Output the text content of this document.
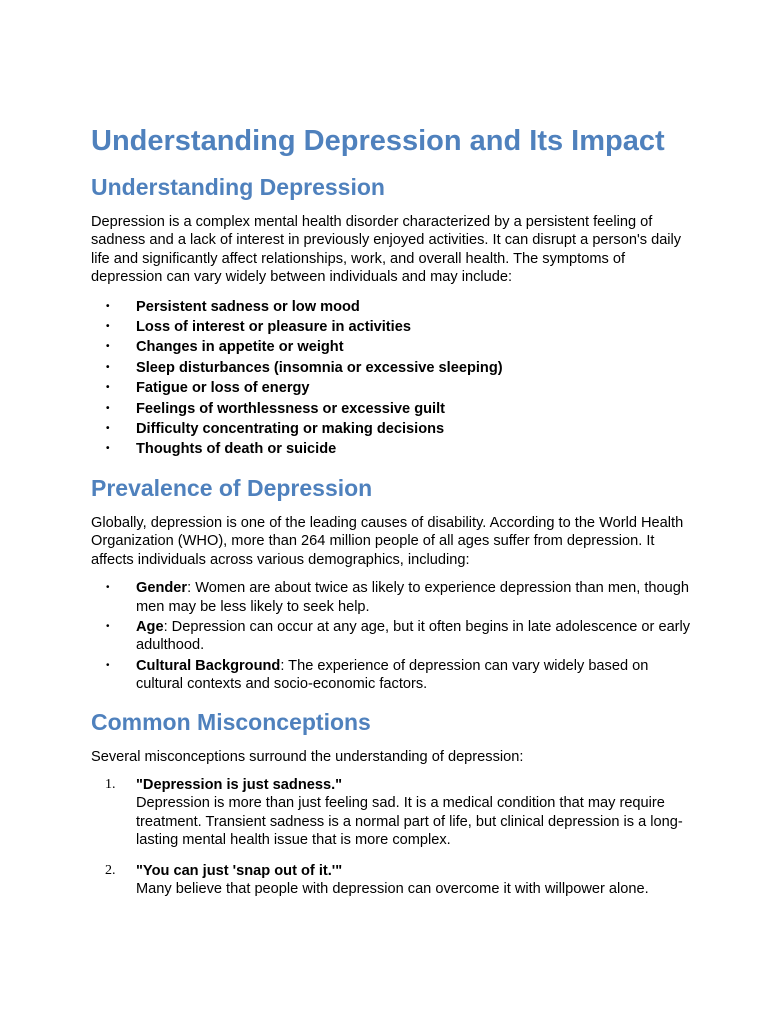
Understanding Depression and Its Impact
Understanding Depression

Depression is a complex mental health disorder characterized by a persistent feeling of sadness and a lack of interest in previously enjoyed activities. It can disrupt a person's daily life and significantly affect relationships, work, and overall health. The symptoms of depression can vary widely between individuals and may include:

• Persistent sadness or low mood
• Loss of interest or pleasure in activities
• Changes in appetite or weight
• Sleep disturbances (insomnia or excessive sleeping)
• Fatigue or loss of energy
• Feelings of worthlessness or excessive guilt
• Difficulty concentrating or making decisions
• Thoughts of death or suicide
Prevalence of Depression

Globally, depression is one of the leading causes of disability. According to the World Health Organization (WHO), more than 264 million people of all ages suffer from depression. It affects individuals across various demographics, including:

• Gender: Women are about twice as likely to experience depression than men, though men may be less likely to seek help.
• Age: Depression can occur at any age, but it often begins in late adolescence or early adulthood.
• Cultural Background: The experience of depression can vary widely based on cultural contexts and socio-economic factors.
Common Misconceptions

Several misconceptions surround the understanding of depression:

1. "Depression is just sadness."
Depression is more than just feeling sad. It is a medical condition that may require treatment. Transient sadness is a normal part of life, but clinical depression is a long-lasting mental health issue that is more complex.
2. "You can just 'snap out of it.'"
Many believe that people with depression can overcome it with willpower alone.
